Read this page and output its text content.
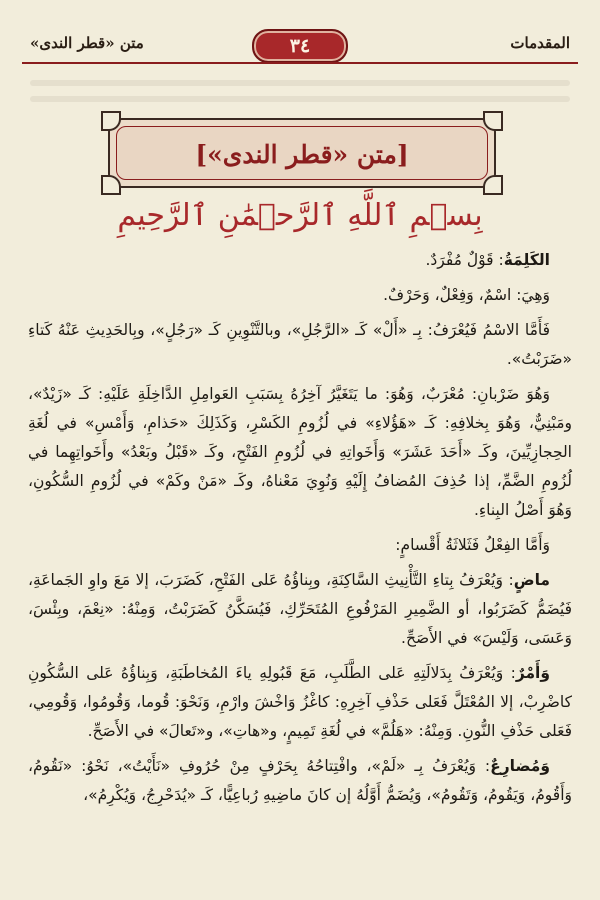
متن «قطر الندى»	٣٤	المقدمات
[متن «قطر الندى»]
بِسۡمِ ٱللَّهِ ٱلرَّحۡمَٰنِ ٱلرَّحِيمِ

الكَلِمَةُ: قَوْلٌ مُفْرَدٌ.

وَهِيَ: اسْمٌ، وَفِعْلٌ، وَحَرْفٌ.

فَأَمَّا الاسْمُ فَيُعْرَفُ: بِـ «أَلْ» كَـ «الرَّجُلِ»، وبالتَّنْوِينِ كَـ «رَجُلٍ»، وبِالحَدِيثِ عَنْهُ كَتاءِ «ضَرَبْتُ».

وَهُوَ ضَرْبانِ: مُعْرَبٌ، وَهُوَ: ما يَتَغَيَّرُ آخِرُهُ بِسَبَبِ العَوامِلِ الدَّاخِلَةِ عَلَيْهِ: كَـ «زَيْدٌ»، ومَبْنِيٌّ، وَهُوَ بِخلافِهِ: كَـ «هَؤُلاءِ» في لُزُومِ الكَسْرِ، وَكَذَلِكَ «حَذامِ، وَأَمْسِ» في لُغَةِ الحِجازِيِّينَ، وكَـ «أَحَدَ عَشَرَ» وَأَخَواتِهِ في لُزُومِ الفَتْحِ، وكَـ «قَبْلُ وبَعْدُ» وأَخَواتِهِما في لُزُومِ الضَّمِّ، إذا حُذِفَ المُضافُ إِلَيْهِ وَنُوِيَ مَعْناهُ، وكَـ «مَنْ وكَمْ» في لُزُومِ السُّكُونِ، وَهُوَ أَصْلُ البِناءِ.

وَأَمَّا الفِعْلُ فَثَلاثَةُ أَقْسامٍ:

ماضٍ: وَيُعْرَفُ بِتاءِ التَّأْنِيثِ السَّاكِنَةِ، وبِناؤُهُ عَلى الفَتْحِ، كَضَرَبَ، إلا مَعَ واوِ الجَماعَةِ، فَيُضَمُّ كَضَرَبُوا، أو الضَّمِيرِ المَرْفُوعِ المُتَحَرِّكِ، فَيُسَكَّنُ كَضَرَبْتُ، وَمِنْهُ: «نِعْمَ، وبِئْسَ، وَعَسَى، وَلَيْسَ» في الأَصَحِّ.

وَأَمْرٌ: وَيُعْرَفُ بِدَلالَتِهِ عَلى الطَّلَبِ، مَعَ قَبُولِهِ ياءَ المُخاطَبَةِ، وَبِناؤُهُ عَلى السُّكُونِ كاضْرِبْ، إلا المُعْتَلَّ فَعَلى حَذْفِ آخِرِهِ: كاغْزُ وَاخْشَ وارْمِ، وَنَحْوَ: قُوما، وَقُومُوا، وَقُومِي، فَعَلى حَذْفِ النُّونِ. وَمِنْهُ: «هَلُمَّ» في لُغَةِ تَمِيمٍ، و«هاتِ»، و«تَعالَ» في الأَصَحِّ.

وَمُضارِعٌ: وَيُعْرَفُ بِـ «لَمْ»، وافْتِتاحُهُ بِحَرْفٍ مِنْ حُرُوفِ «نَأَيْتُ»، نَحْوُ: «نَقُومُ، وَأَقُومُ، وَيَقُومُ، وَتَقُومُ»، وَيُضَمُّ أَوَّلُهُ إن كانَ ماضِيهِ رُباعِيًّا، كَـ «يُدَحْرِجُ، وَيُكْرِمُ»،
